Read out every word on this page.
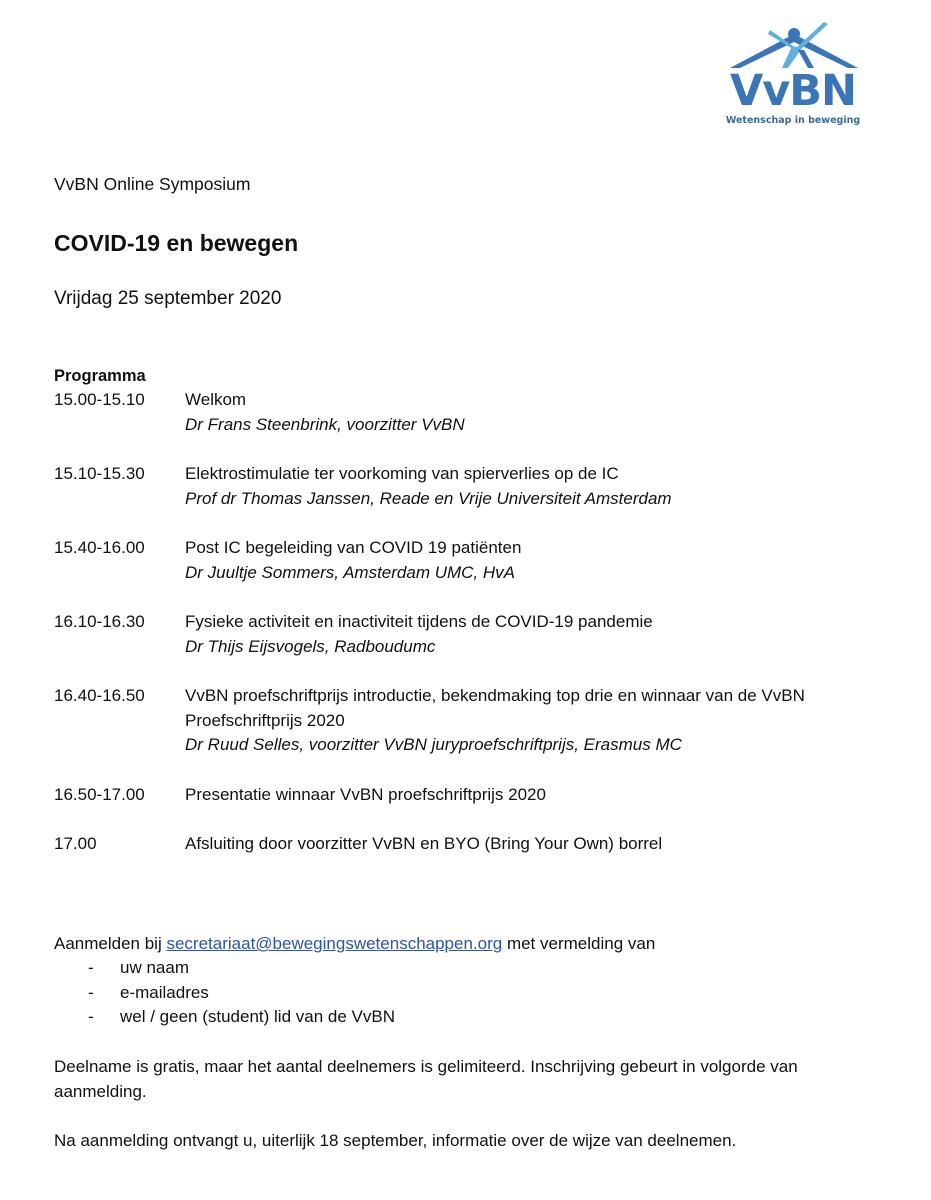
VvBN
Wetenschap in beweging
VvBN Online Symposium
COVID-19 en bewegen
Vrijdag 25 september 2020
Programma
15.00-15.10 Welkom
Dr Frans Steenbrink, voorzitter VvBN
15.10-15.30 Elektrostimulatie ter voorkoming van spierverlies op de IC
Prof dr Thomas Janssen, Reade en Vrije Universiteit Amsterdam
15.40-16.00 Post IC begeleiding van COVID 19 patiënten
Dr Juultje Sommers, Amsterdam UMC, HvA
16.10-16.30 Fysieke activiteit en inactiviteit tijdens de COVID-19 pandemie
Dr Thijs Eijsvogels, Radboudumc
16.40-16.50 VvBN proefschriftprijs introductie, bekendmaking top drie en winnaar van de VvBN Proefschriftprijs 2020
Dr Ruud Selles, voorzitter VvBN juryproefschriftprijs, Erasmus MC
16.50-17.00 Presentatie winnaar VvBN proefschriftprijs 2020
17.00	Afsluiting door voorzitter VvBN en BYO (Bring Your Own) borrel
Aanmelden bij secretariaat@bewegingswetenschappen.org met vermelding van
- uw naam
- e-mailadres
- wel / geen (student) lid van de VvBN
Deelname is gratis, maar het aantal deelnemers is gelimiteerd. Inschrijving gebeurt in volgorde van aanmelding.
Na aanmelding ontvangt u, uiterlijk 18 september, informatie over de wijze van deelnemen.
